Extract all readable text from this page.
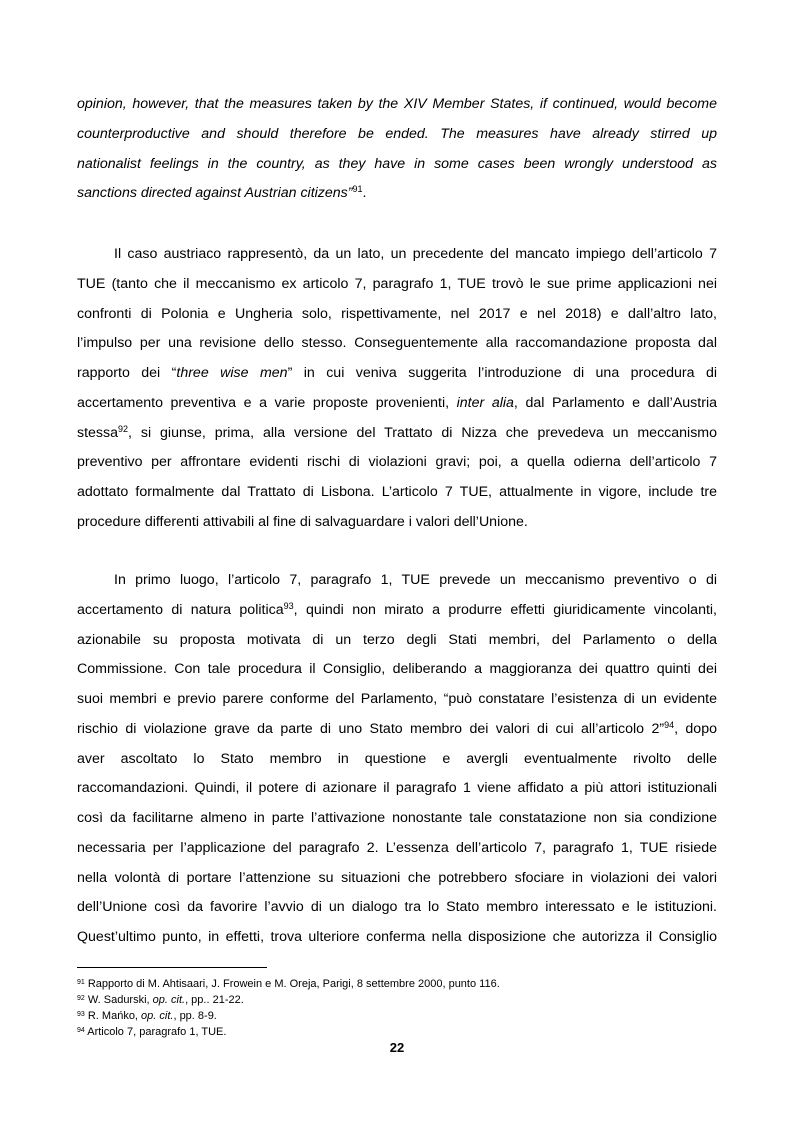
opinion, however, that the measures taken by the XIV Member States, if continued, would become
counterproductive and should therefore be ended. The measures have already stirred up
nationalist feelings in the country, as they have in some cases been wrongly understood as
sanctions directed against Austrian citizens”$^{91}$.
Il caso austriaco rappresentò, da un lato, un precedente del mancato impiego dell’articolo 7
TUE (tanto che il meccanismo ex articolo 7, paragrafo 1, TUE trovò le sue prime applicazioni nei
confronti di Polonia e Ungheria solo, rispettivamente, nel 2017 e nel 2018) e dall’altro lato,
l’impulso per una revisione dello stesso. Conseguentemente alla raccomandazione proposta dal
rapporto dei “three wise men” in cui veniva suggerita l’introduzione di una procedura di
accertamento preventiva e a varie proposte provenienti, inter alia, dal Parlamento e dall’Austria
stessa$^{92}$, si giunse, prima, alla versione del Trattato di Nizza che prevedeva un meccanismo
preventivo per affrontare evidenti rischi di violazioni gravi; poi, a quella odierna dell’articolo 7
adottato formalmente dal Trattato di Lisbona. L’articolo 7 TUE, attualmente in vigore, include tre
procedure differenti attivabili al fine di salvaguardare i valori dell’Unione.
In primo luogo, l’articolo 7, paragrafo 1, TUE prevede un meccanismo preventivo o di
accertamento di natura politica$^{93}$, quindi non mirato a produrre effetti giuridicamente vincolanti,
azionabile su proposta motivata di un terzo degli Stati membri, del Parlamento o della
Commissione. Con tale procedura il Consiglio, deliberando a maggioranza dei quattro quinti dei
suoi membri e previo parere conforme del Parlamento, “può constatare l’esistenza di un evidente
rischio di violazione grave da parte di uno Stato membro dei valori di cui all’articolo 2”$^{94}$, dopo
aver ascoltato lo Stato membro in questione e avergli eventualmente rivolto delle
raccomandazioni. Quindi, il potere di azionare il paragrafo 1 viene affidato a più attori istituzionali
così da facilitarne almeno in parte l’attivazione nonostante tale constatazione non sia condizione
necessaria per l’applicazione del paragrafo 2. L’essenza dell’articolo 7, paragrafo 1, TUE risiede
nella volontà di portare l’attenzione su situazioni che potrebbero sfociare in violazioni dei valori
dell’Unione così da favorire l’avvio di un dialogo tra lo Stato membro interessato e le istituzioni.
Quest’ultimo punto, in effetti, trova ulteriore conferma nella disposizione che autorizza il Consiglio
$^{91}$ Rapporto di M. Ahtisaari, J. Frowein e M. Oreja, Parigi, 8 settembre 2000, punto 116.
$^{92}$ W. Sadurski, op. cit., pp.. 21-22.
$^{93}$ R. Mańko, op. cit., pp. 8-9.
$^{94}$ Articolo 7, paragrafo 1, TUE.
22
